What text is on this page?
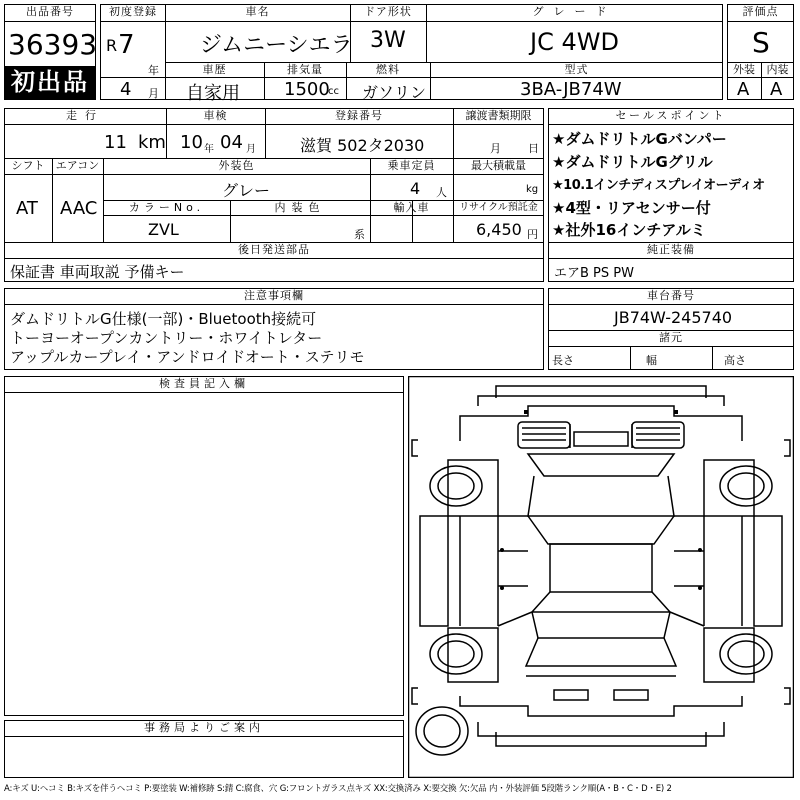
出品番号
36393
初出品
初度登録
R 7
年
4 月
車名
ジムニーシエラ
ドア形状
3W
グレード
JC 4WD
車歴
自家用
排気量
1500
cc
燃料
ガソリン
型式
3BA-JB74W
評価点
S
外装	内装
A A
走行
11 km
車検
10 年 04 月
登録番号
滋賀 502タ2030
譲渡書類期限
月 日
シフト
AT
エアコン
AAC
外装色
グレー
乗車定員
4 人
最大積載量
kg
カラーNo.
ZVL
内装色
系
輸入車	リサイクル預託金
6,450 円
セールスポイント
★ダムドリトルGバンパー
★ダムドリトルGグリル
★10.1インチディスプレイオーディオ
★4型・リアセンサー付
★社外16インチアルミ
後日発送部品
保証書 車両取説 予備キー
純正装備
エアB PS PW
注意事項欄
ダムドリトルG仕様(一部)・Bluetooth接続可
トーヨーオープンカントリー・ホワイトレター
アップルカープレイ・アンドロイドオート・ステリモ
車台番号
JB74W-245740
諸元
長さ	幅	高さ
検査員記入欄
事務局よりご案内
A:キズ U:ヘコミ B:キズを伴うヘコミ P:要塗装 W:補修跡 S:錆 C:腐食、穴 G:フロントガラス点キズ XX:交換済み X:要交換 欠:欠品 内・外装評価 5段階ランク順(A・B・C・D・E) 2
